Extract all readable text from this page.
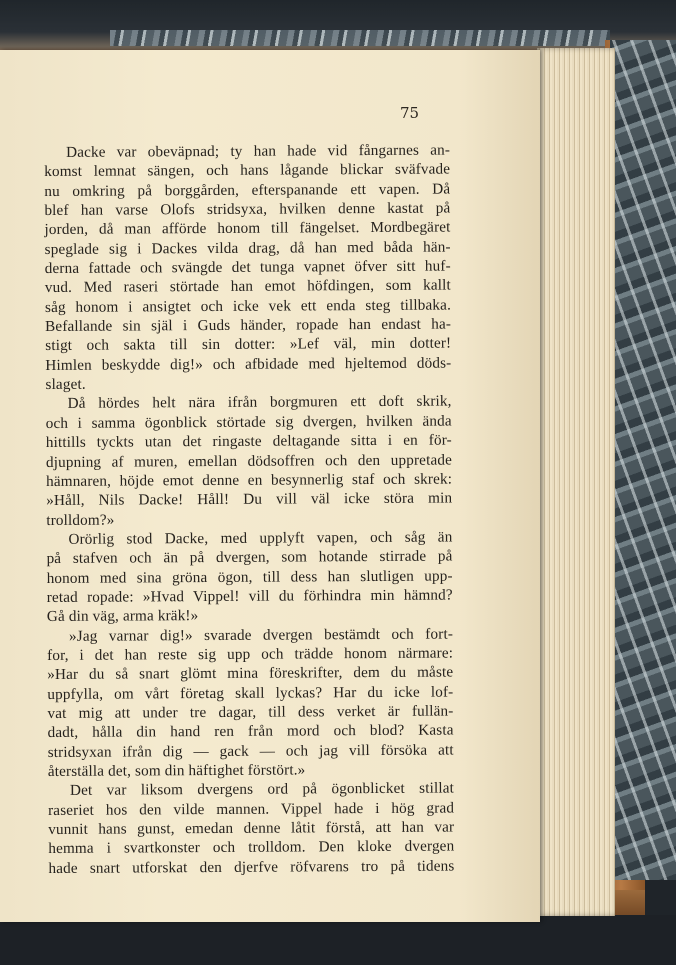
75
Dacke var obeväpnad; ty han hade vid fångarnes an-
komst lemnat sängen, och hans lågande blickar sväfvade
nu omkring på borggården, efterspanande ett vapen. Då
blef han varse Olofs stridsyxa, hvilken denne kastat på
jorden, då man afförde honom till fängelset. Mordbegäret
speglade sig i Dackes vilda drag, då han med båda hän-
derna fattade och svängde det tunga vapnet öfver sitt huf-
vud. Med raseri störtade han emot höfdingen, som kallt
såg honom i ansigtet och icke vek ett enda steg tillbaka.
Befallande sin själ i Guds händer, ropade han endast ha-
stigt och sakta till sin dotter: »Lef väl, min dotter!
Himlen beskydde dig!» och afbidade med hjeltemod döds-
slaget.
Då hördes helt nära ifrån borgmuren ett doft skrik,
och i samma ögonblick störtade sig dvergen, hvilken ända
hittills tyckts utan det ringaste deltagande sitta i en för-
djupning af muren, emellan dödsoffren och den uppretade
hämnaren, höjde emot denne en besynnerlig staf och skrek:
»Håll, Nils Dacke! Håll! Du vill väl icke störa min
trolldom?»
Orörlig stod Dacke, med upplyft vapen, och såg än
på stafven och än på dvergen, som hotande stirrade på
honom med sina gröna ögon, till dess han slutligen upp-
retad ropade: »Hvad Vippel! vill du förhindra min hämnd?
Gå din väg, arma kräk!»
»Jag varnar dig!» svarade dvergen bestämdt och fort-
for, i det han reste sig upp och trädde honom närmare:
»Har du så snart glömt mina föreskrifter, dem du måste
uppfylla, om vårt företag skall lyckas? Har du icke lof-
vat mig att under tre dagar, till dess verket är fullän-
dadt, hålla din hand ren från mord och blod? Kasta
stridsyxan ifrån dig — gack — och jag vill försöka att
återställa det, som din häftighet förstört.»
Det var liksom dvergens ord på ögonblicket stillat
raseriet hos den vilde mannen. Vippel hade i hög grad
vunnit hans gunst, emedan denne låtit förstå, att han var
hemma i svartkonster och trolldom. Den kloke dvergen
hade snart utforskat den djerfve röfvarens tro på tidens
